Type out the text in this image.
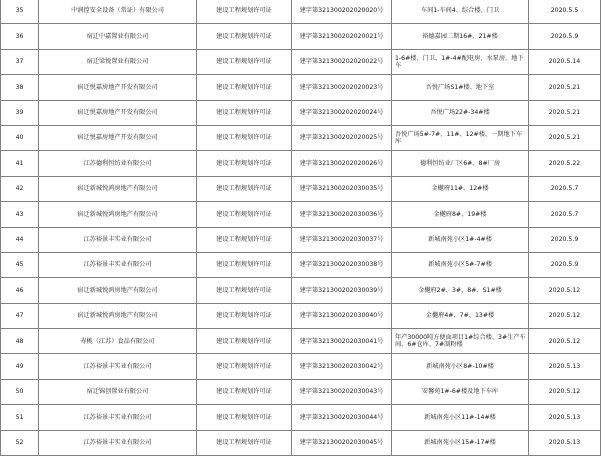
35	中润控安全设备（常证）有限公司	建设工程规划许可证	建字第321300202020020号	车间1-车间4、综合楼、门卫	2020.5.5
36	宿迁中嘉置业有限公司	建设工程规划许可证	建字第321300202020021号	裕德嘉园二期16#、21#楼	2020.5.9
37	宿迁梁悦置业有限公司	建设工程规划许可证	建字第321300202020022号	1-6#楼、门卫、1#-4#配电房、水泵房、地下车	2020.5.14
38	宿迁悦嘉房地产开发有限公司	建设工程规划许可证	建字第321300202020023号	吾悦广场S1#楼、地下室	2020.5.21
39	宿迁悦嘉房地产开发有限公司	建设工程规划许可证	建字第321300202020024号	吾悦广场22#-34#楼	2020.5.21
40	宿迁悦嘉房地产开发有限公司	建设工程规划许可证	建字第321300202020025号	吾悦广场5#-7#、11#、12#楼、一期地下车库	2020.5.21
41	江苏德利恒纺业有限公司	建设工程规划许可证	建字第321300202020026号	德利恒纺业厂区6#、8#厂房	2020.5.22
42	宿迁新城悦鸿房地产有限公司	建设工程规划许可证	建字第321300202030035号	金樾府11#、12#楼	2020.5.7
43	宿迁新城悦鸿房地产有限公司	建设工程规划许可证	建字第321300202030036号	金樾府8#、19#楼	2020.5.7
44	江苏裕景丰实业有限公司	建设工程规划许可证	建字第321300202030037号	新城南苑小区1#-4#楼	2020.5.9
45	江苏裕景丰实业有限公司	建设工程规划许可证	建字第321300202030038号	新城南苑小区5#-7#楼	2020.5.9
46	宿迁新城悦鸿房地产有限公司	建设工程规划许可证	建字第321300202030039号	金樾府2#、3#、8#、S1#楼	2020.5.12
47	宿迁新城悦鸿房地产有限公司	建设工程规划许可证	建字第321300202030040号	金樾府4#、7#、13#楼	2020.5.12
48	寿桃（江苏）食品有限公司	建设工程规划许可证	建字第321300202030041号	年产30000吨方便面项目1#综合楼、3#生产车间、6#仓库、7#制粉楼	2020.5.12
49	江苏裕景丰实业有限公司	建设工程规划许可证	建字第321300202030042号	新城南苑小区8#-10#楼	2020.5.13
50	宿迁锦创置业有限公司	建设工程规划许可证	建字第321300202030043号	安馨苑1#-6#楼及地下车库	2020.5.12
51	江苏裕景丰实业有限公司	建设工程规划许可证	建字第321300202030044号	新城南苑小区11#-14#楼	2020.5.13
52	江苏裕景丰实业有限公司	建设工程规划许可证	建字第321300202030045号	新城南苑小区15#-17#楼	2020.5.13
